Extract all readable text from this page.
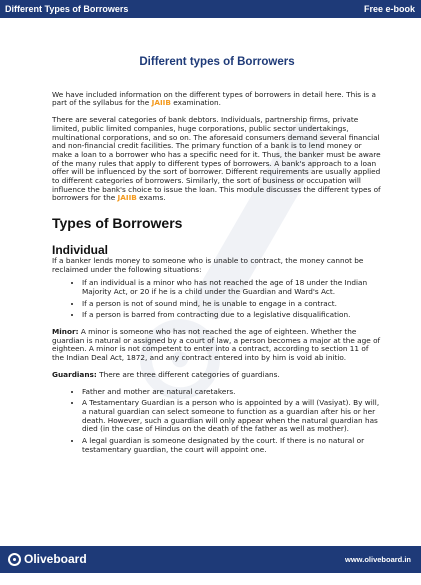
Different Types of Borrowers	Free e-book
Different types of Borrowers

We have included information on the different types of borrowers in detail here. This is a part of the syllabus for the JAIIB examination.

There are several categories of bank debtors. Individuals, partnership firms, private limited, public limited companies, huge corporations, public sector undertakings, multinational corporations, and so on. The aforesaid consumers demand several financial and non-financial credit facilities. The primary function of a bank is to lend money or make a loan to a borrower who has a specific need for it. Thus, the banker must be aware of the many rules that apply to different types of borrowers. A bank's approach to a loan offer will be influenced by the sort of borrower. Different requirements are usually applied to different categories of borrowers. Similarly, the sort of business or occupation will influence the bank's choice to issue the loan. This module discusses the different types of borrowers for the JAIIB exams.

Types of Borrowers
Individual

If a banker lends money to someone who is unable to contract, the money cannot be reclaimed under the following situations:

• If an individual is a minor who has not reached the age of 18 under the Indian Majority Act, or 20 if he is a child under the Guardian and Ward's Act.
• If a person is not of sound mind, he is unable to engage in a contract.
• If a person is barred from contracting due to a legislative disqualification.

Minor: A minor is someone who has not reached the age of eighteen. Whether the guardian is natural or assigned by a court of law, a person becomes a major at the age of eighteen. A minor is not competent to enter into a contract, according to section 11 of the Indian Deal Act, 1872, and any contract entered into by him is void ab initio.

Guardians: There are three different categories of guardians.

• Father and mother are natural caretakers.
• A Testamentary Guardian is a person who is appointed by a will (Vasiyat). By will, a natural guardian can select someone to function as a guardian after his or her death. However, such a guardian will only appear when the natural guardian has died (in the case of Hindus on the death of the father as well as mother).
• A legal guardian is someone designated by the court. If there is no natural or testamentary guardian, the court will appoint one.
Oliveboard	www.oliveboard.in
